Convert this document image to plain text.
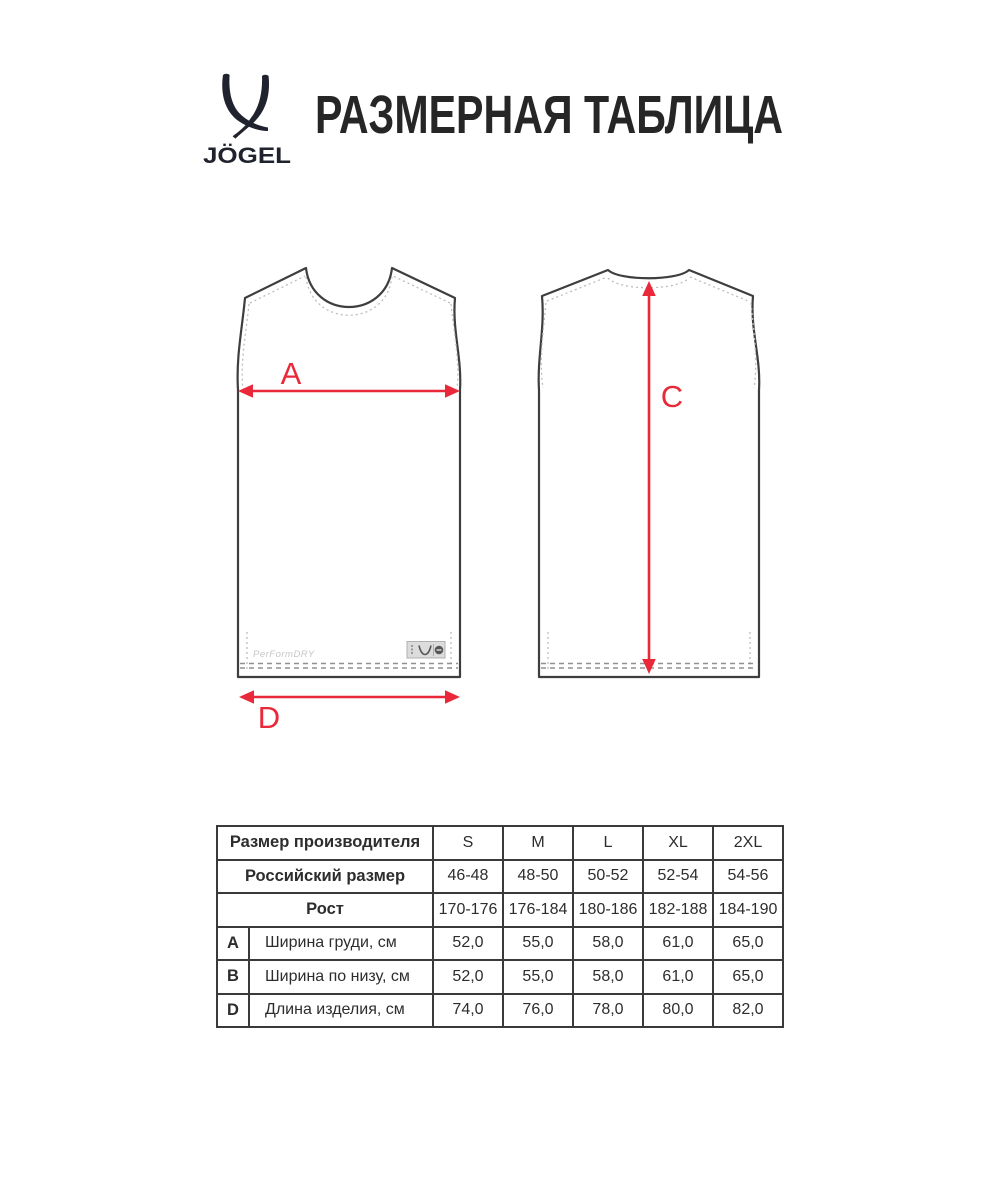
JÖGEL
РАЗМЕРНАЯ ТАБЛИЦА
PerFormDRY
A
C
D
Размер производителя		S	M	L	XL	2XL
Российский размер		46-48	48-50	50-52	52-54	54-56
Рост		170-176	176-184	180-186	182-188	184-190
A	Ширина груди, см	52,0	55,0	58,0	61,0	65,0
B	Ширина по низу, см	52,0	55,0	58,0	61,0	65,0
D	Длина изделия, см	74,0	76,0	78,0	80,0	82,0
